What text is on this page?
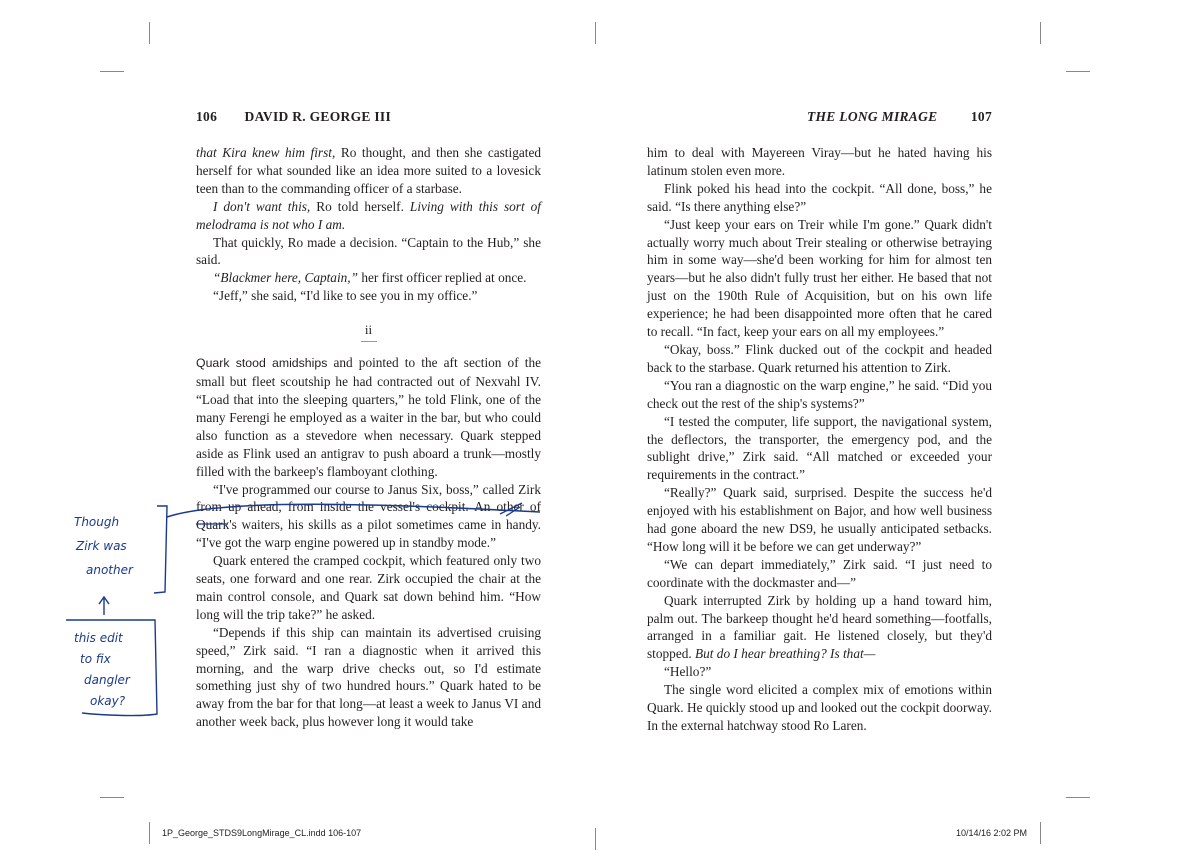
106 DAVID R. GEORGE III	THE LONG MIRAGE 107

that Kira knew him first, Ro thought, and then she castigated herself for what sounded like an idea more suited to a lovesick teen than to the commanding officer of a starbase.

I don't want this, Ro told herself. Living with this sort of melodrama is not who I am.

That quickly, Ro made a decision. “Captain to the Hub,” she said.

“Blackmer here, Captain,” her first officer replied at once.

“Jeff,” she said, “I'd like to see you in my office.”

ii

Quark stood amidships and pointed to the aft section of the small but fleet scoutship he had contracted out of Nexvahl IV. “Load that into the sleeping quarters,” he told Flink, one of the many Ferengi he employed as a waiter in the bar, but who could also function as a stevedore when necessary. Quark stepped aside as Flink used an antigrav to push aboard a trunk—mostly filled with the barkeep's flamboyant clothing.

“I've programmed our course to Janus Six, boss,” called Zirk from up ahead, from inside the vessel's cockpit. An other of Quark's waiters, his skills as a pilot sometimes came in handy. “I've got the warp engine powered up in standby mode.”

Quark entered the cramped cockpit, which featured only two seats, one forward and one rear. Zirk occupied the chair at the main control console, and Quark sat down behind him. “How long will the trip take?” he asked.

“Depends if this ship can maintain its advertised cruising speed,” Zirk said. “I ran a diagnostic when it arrived this morning, and the warp drive checks out, so I'd estimate something just shy of two hundred hours.” Quark hated to be away from the bar for that long—at least a week to Janus VI and another week back, plus however long it would take

him to deal with Mayereen Viray—but he hated having his latinum stolen even more.

Flink poked his head into the cockpit. “All done, boss,” he said. “Is there anything else?”

“Just keep your ears on Treir while I'm gone.” Quark didn't actually worry much about Treir stealing or otherwise betraying him in some way—she'd been working for him for almost ten years—but he also didn't fully trust her either. He based that not just on the 190th Rule of Acquisition, but on his own life experience; he had been disappointed more often that he cared to recall. “In fact, keep your ears on all my employees.”

“Okay, boss.” Flink ducked out of the cockpit and headed back to the starbase. Quark returned his attention to Zirk.

“You ran a diagnostic on the warp engine,” he said. “Did you check out the rest of the ship's systems?”

“I tested the computer, life support, the navigational system, the deflectors, the transporter, the emergency pod, and the sublight drive,” Zirk said. “All matched or exceeded your requirements in the contract.”

“Really?” Quark said, surprised. Despite the success he'd enjoyed with his establishment on Bajor, and how well business had gone aboard the new DS9, he usually anticipated setbacks. “How long will it be before we can get underway?”

“We can depart immediately,” Zirk said. “I just need to coordinate with the dockmaster and—”

Quark interrupted Zirk by holding up a hand toward him, palm out. The barkeep thought he'd heard something—footfalls, arranged in a familiar gait. He listened closely, but they'd stopped. But do I hear breathing? Is that—

“Hello?”

The single word elicited a complex mix of emotions within Quark. He quickly stood up and looked out the cockpit doorway. In the external hatchway stood Ro Laren.

Though
Zirk was
another
this edit
to fix
dangler
okay?
1P_George_STDS9LongMirage_CL.indd 106-107	10/14/16 2:02 PM
